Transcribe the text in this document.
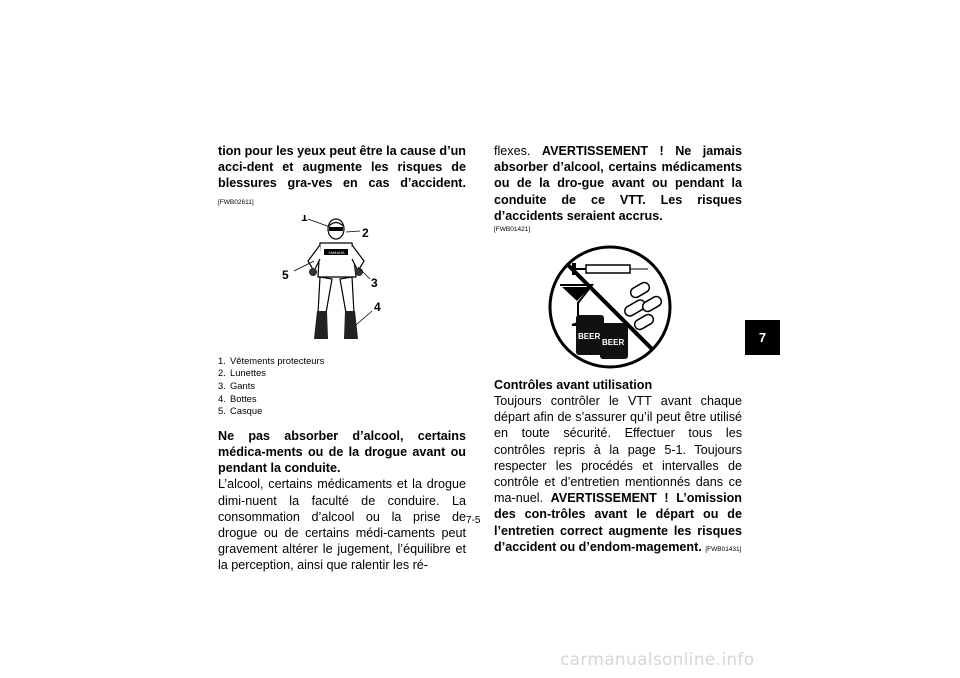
tion pour les yeux peut être la cause d’un acci-dent et augmente les risques de blessures gra-ves en cas d’accident. [FWB02611]

YAMAHA
1
2
3
4
5
1. Vêtements protecteurs
2. Lunettes
3. Gants
4. Bottes
5. Casque

Ne pas absorber d’alcool, certains médica-ments ou de la drogue avant ou pendant la conduite.

L’alcool, certains médicaments et la drogue dimi-nuent la faculté de conduire. La consommation d’alcool ou la prise de drogue ou de certains médi-caments peut gravement altérer le jugement, l’équilibre et la perception, ainsi que ralentir les ré-

flexes. AVERTISSEMENT ! Ne jamais absorber d’alcool, certains médicaments ou de la dro-gue avant ou pendant la conduite de ce VTT. Les risques d’accidents seraient accrus.

[FWB01421]
BEER
BEER
Contrôles avant utilisation

Toujours contrôler le VTT avant chaque départ afin de s’assurer qu’il peut être utilisé en toute sécurité. Effectuer tous les contrôles repris à la page 5-1. Toujours respecter les procédés et intervalles de contrôle et d’entretien mentionnés dans ce ma-nuel. AVERTISSEMENT ! L’omission des con-trôles avant le départ ou de l’entretien correct augmente les risques d’accident ou d’endom-magement. [FWB01431]

7
7-5
carmanualsonline.info
